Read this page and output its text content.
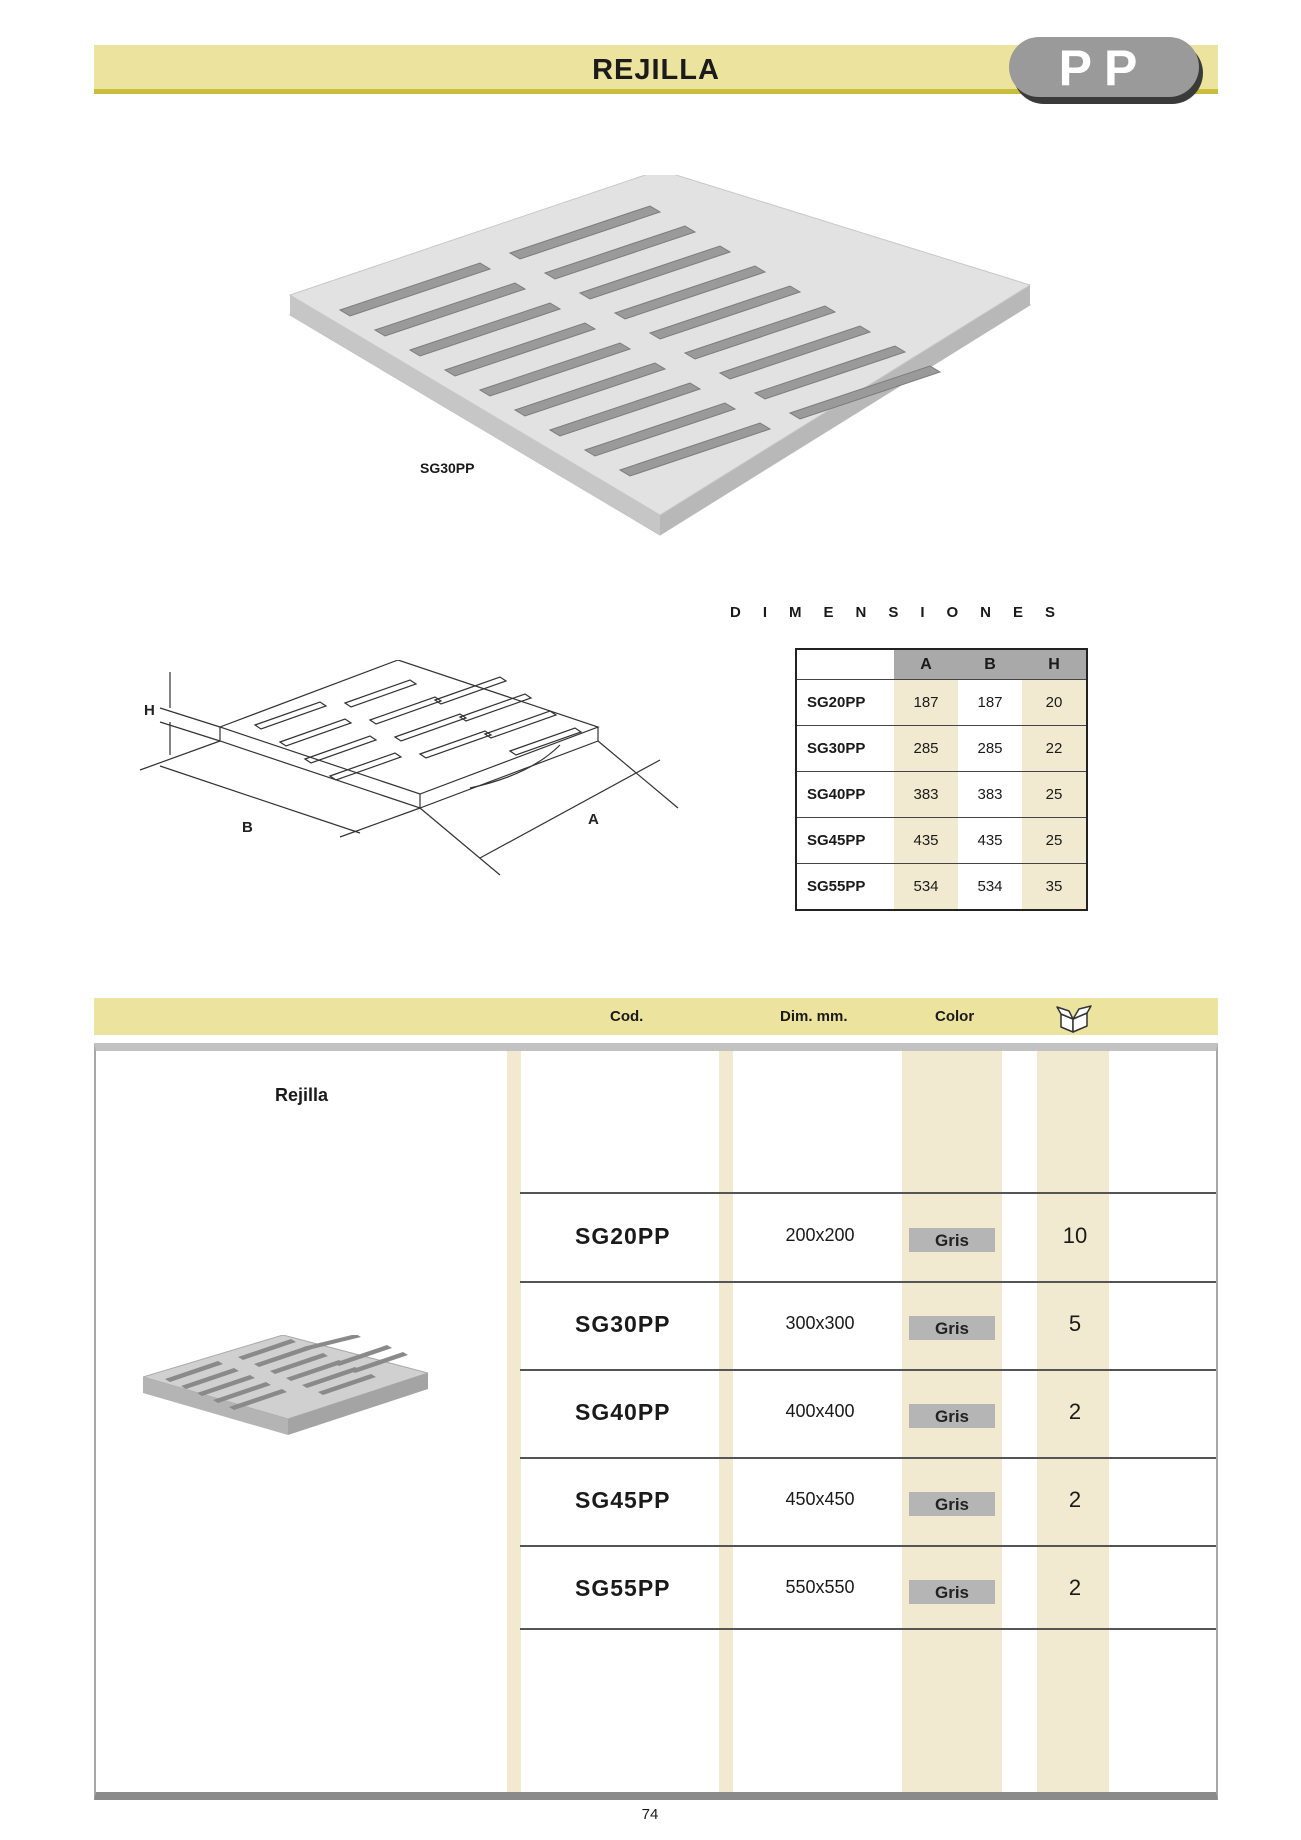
REJILLA	PP
SG30PP
H
B	A
DIMENSIONES
	A	B	H
SG20PP	187	187	20
SG30PP	285	285	22
SG40PP	383	383	25
SG45PP	435	435	25
SG55PP	534	534	35
Cod.	Dim. mm.	Color
Rejilla
SG20PP	200x200	Gris	10
SG30PP	300x300	Gris	5
SG40PP	400x400	Gris	2
SG45PP	450x450	Gris	2
SG55PP	550x550	Gris	2
74
